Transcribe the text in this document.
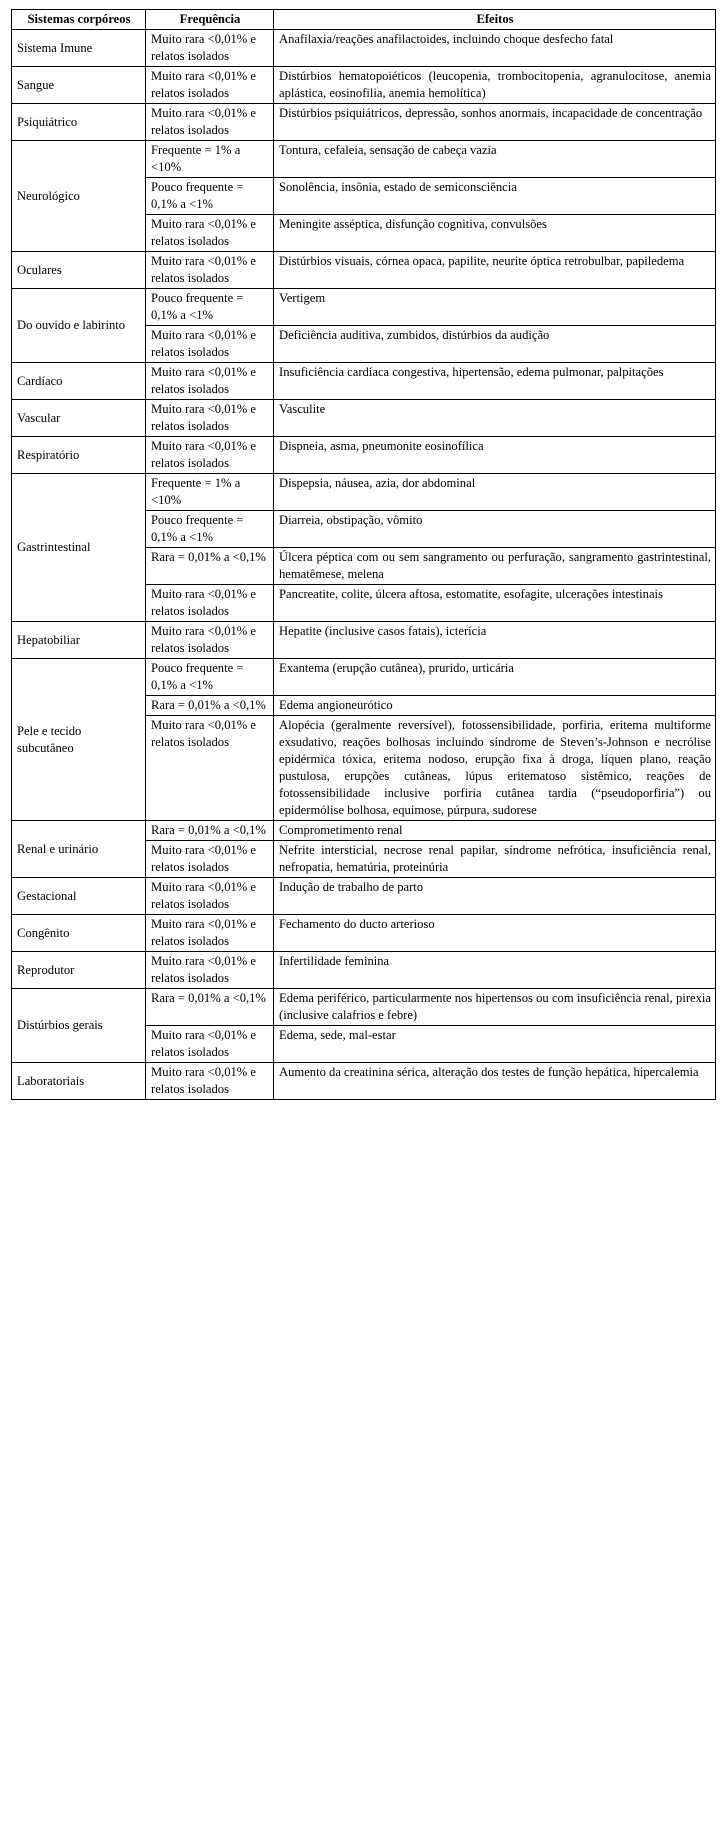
Sistemas corpóreos	Frequência	Efeitos
Sistema Imune	Muito rara <0,01% e relatos isolados	Anafilaxia/reações anafilactoides, incluindo choque desfecho fatal
Sangue	Muito rara <0,01% e relatos isolados	Distúrbios hematopoiéticos (leucopenia, trombocitopenia, agranulocitose, anemia aplástica, eosinofilia, anemia hemolítica)
Psiquiátrico	Muito rara <0,01% e relatos isolados	Distúrbios psiquiátricos, depressão, sonhos anormais, incapacidade de concentração
Neurológico	Frequente = 1% a <10%	Tontura, cefaleia, sensação de cabeça vazia
	Pouco frequente = 0,1% a <1%	Sonolência, insônia, estado de semiconsciência
	Muito rara <0,01% e relatos isolados	Meningite asséptica, disfunção cognitiva, convulsões
Oculares	Muito rara <0,01% e relatos isolados	Distúrbios visuais, córnea opaca, papilite, neurite óptica retrobulbar, papiledema
Do ouvido e labirinto	Pouco frequente = 0,1% a <1%	Vertigem
	Muito rara <0,01% e relatos isolados	Deficiência auditiva, zumbidos, distúrbios da audição
Cardíaco	Muito rara <0,01% e relatos isolados	Insuficiência cardíaca congestiva, hipertensão, edema pulmonar, palpitações
Vascular	Muito rara <0,01% e relatos isolados	Vasculite
Respiratório	Muito rara <0,01% e relatos isolados	Dispneia, asma, pneumonite eosinofílica
Gastrintestinal	Frequente = 1% a <10%	Dispepsia, náusea, azia, dor abdominal
	Pouco frequente = 0,1% a <1%	Diarreia, obstipação, vômito
	Rara = 0,01% a <0,1%	Úlcera péptica com ou sem sangramento ou perfuração, sangramento gastrintestinal, hematêmese, melena
	Muito rara <0,01% e relatos isolados	Pancreatite, colite, úlcera aftosa, estomatite, esofagite, ulcerações intestinais
Hepatobiliar	Muito rara <0,01% e relatos isolados	Hepatite (inclusive casos fatais), icterícia
Pele e tecido subcutâneo	Pouco frequente = 0,1% a <1%	Exantema (erupção cutânea), prurido, urticária
	Rara = 0,01% a <0,1%	Edema angioneurótico
	Muito rara <0,01% e relatos isolados	Alopécia (geralmente reversível), fotossensibilidade, porfiria, eritema multiforme exsudativo, reações bolhosas incluindo síndrome de Steven’s-Johnson e necrólise epidérmica tóxica, eritema nodoso, erupção fixa à droga, líquen plano, reação pustulosa, erupções cutâneas, lúpus eritematoso sistêmico, reações de fotossensibilidade inclusive porfiria cutânea tardia (“pseudoporfiria”) ou epidermólise bolhosa, equimose, púrpura, sudorese
Renal e urinário	Rara = 0,01% a <0,1%	Comprometimento renal
	Muito rara <0,01% e relatos isolados	Nefrite intersticial, necrose renal papilar, síndrome nefrótica, insuficiência renal, nefropatia, hematúria, proteinúria
Gestacional	Muito rara <0,01% e relatos isolados	Indução de trabalho de parto
Congênito	Muito rara <0,01% e relatos isolados	Fechamento do ducto arterioso
Reprodutor	Muito rara <0,01% e relatos isolados	Infertilidade feminina
Distúrbios gerais	Rara = 0,01% a <0,1%	Edema periférico, particularmente nos hipertensos ou com insuficiência renal, pirexia (inclusive calafrios e febre)
	Muito rara <0,01% e relatos isolados	Edema, sede, mal-estar
Laboratoriais	Muito rara <0,01% e relatos isolados	Aumento da creatinina sérica, alteração dos testes de função hepática, hipercalemia
